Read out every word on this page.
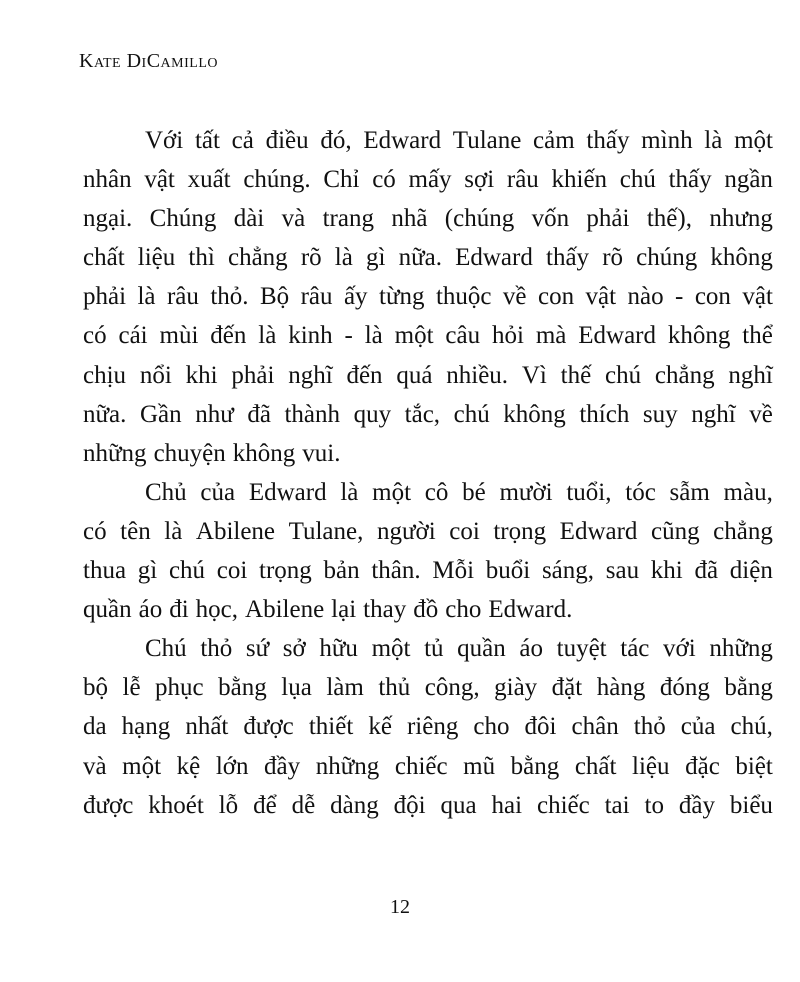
Kate DiCamillo
Với tất cả điều đó, Edward Tulane cảm thấy mình là một
nhân vật xuất chúng. Chỉ có mấy sợi râu khiến chú thấy ngần
ngại. Chúng dài và trang nhã (chúng vốn phải thế), nhưng
chất liệu thì chẳng rõ là gì nữa. Edward thấy rõ chúng không
phải là râu thỏ. Bộ râu ấy từng thuộc về con vật nào - con vật
có cái mùi đến là kinh - là một câu hỏi mà Edward không thể
chịu nổi khi phải nghĩ đến quá nhiều. Vì thế chú chẳng nghĩ
nữa. Gần như đã thành quy tắc, chú không thích suy nghĩ về
những chuyện không vui.
Chủ của Edward là một cô bé mười tuổi, tóc sẫm màu,
có tên là Abilene Tulane, người coi trọng Edward cũng chẳng
thua gì chú coi trọng bản thân. Mỗi buổi sáng, sau khi đã diện
quần áo đi học, Abilene lại thay đồ cho Edward.
Chú thỏ sứ sở hữu một tủ quần áo tuyệt tác với những
bộ lễ phục bằng lụa làm thủ công, giày đặt hàng đóng bằng
da hạng nhất được thiết kế riêng cho đôi chân thỏ của chú,
và một kệ lớn đầy những chiếc mũ bằng chất liệu đặc biệt
được khoét lỗ để dễ dàng đội qua hai chiếc tai to đầy biểu
12
